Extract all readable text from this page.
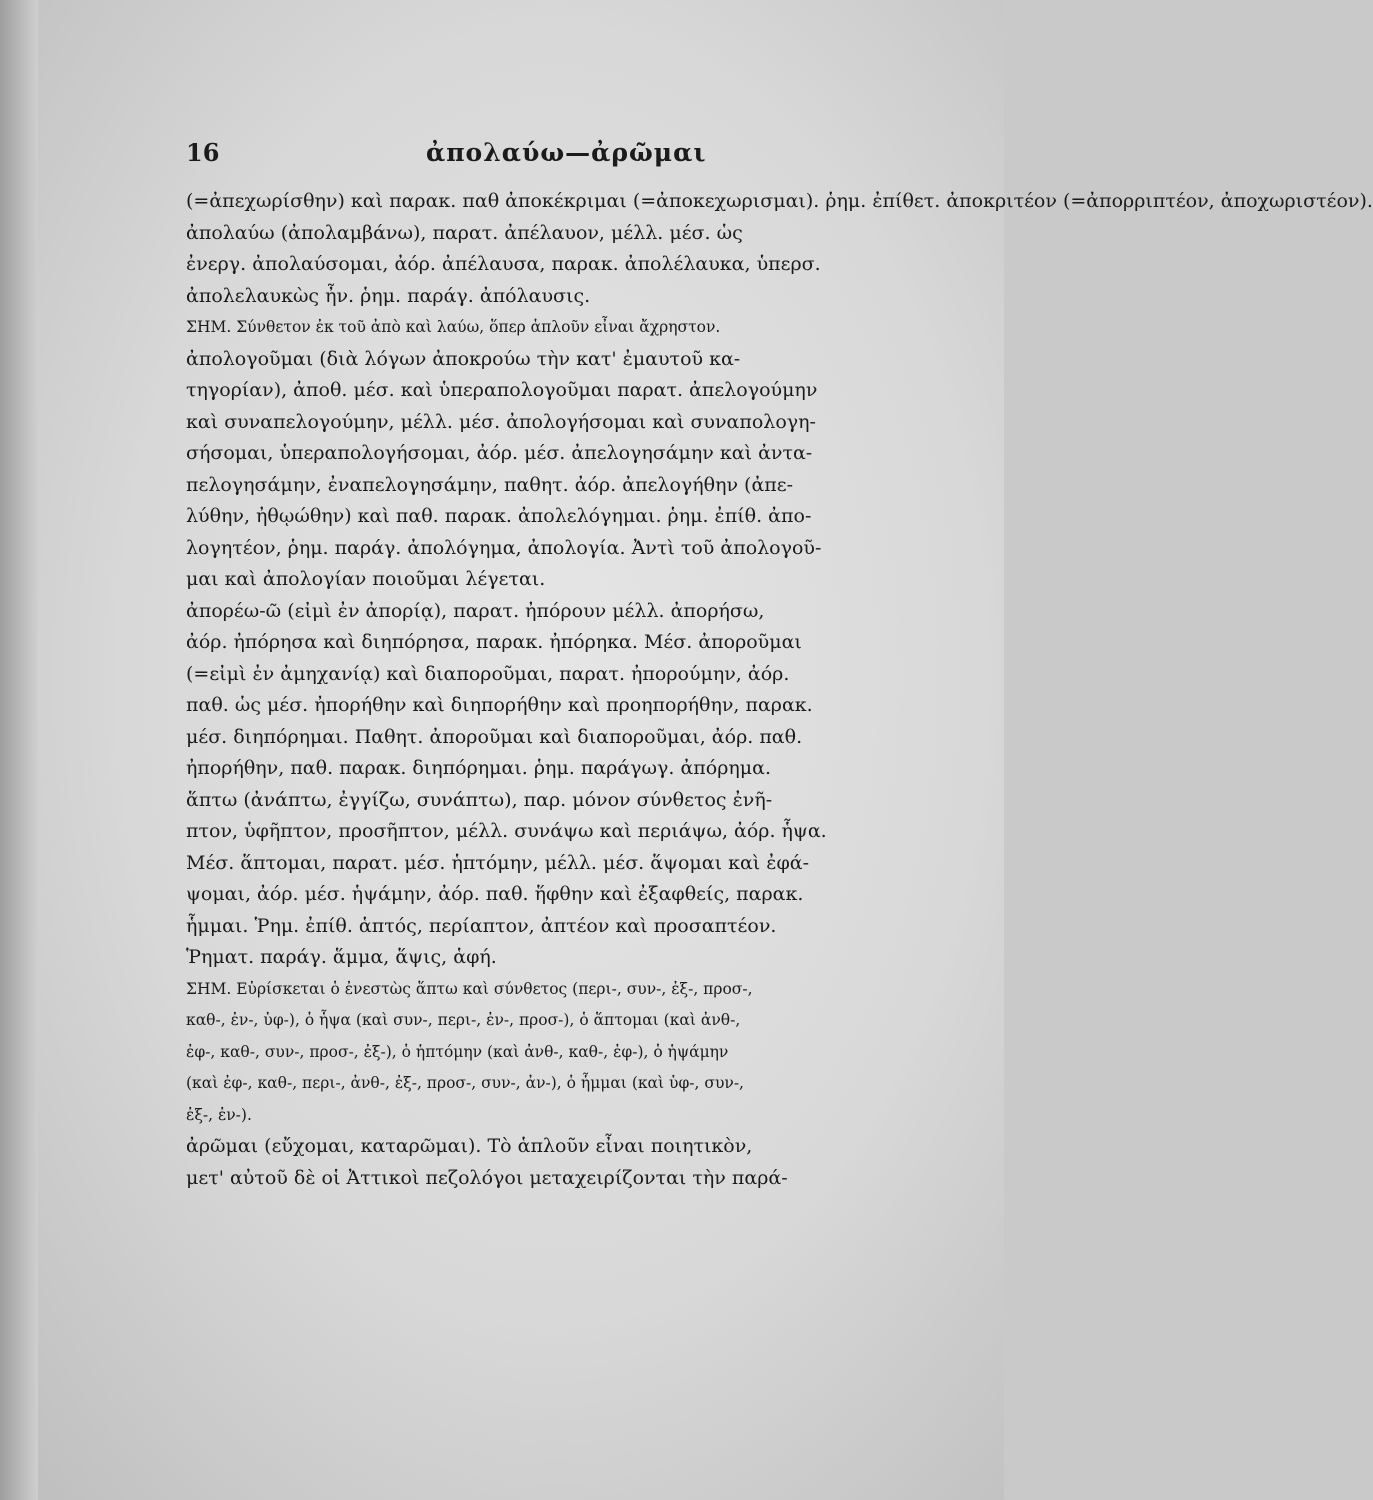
16	ἀπολαύω—ἀρῶμαι
(=ἀπεχωρίσθην) καὶ παρακ. παθ ἀποκέκριμαι (=ἀποκεχωρισμαι). ῥημ. ἐπίθετ. ἀποκριτέον (=ἀπορριπτέον, ἀποχωριστέον).
ἀπολαύω (ἀπολαμβάνω), παρατ. ἀπέλαυον, μέλλ. μέσ. ὡς
ἐνεργ. ἀπολαύσομαι, ἀόρ. ἀπέλαυσα, παρακ. ἀπολέλαυκα, ὑπερσ.
ἀπολελαυκὼς ἦν. ῥημ. παράγ. ἀπόλαυσις.
ΣΗΜ. Σύνθετον ἐκ τοῦ ἀπὸ καὶ λαύω, ὅπερ ἁπλοῦν εἶναι ἄχρηστον.
ἀπολογοῦμαι (διὰ λόγων ἀποκρούω τὴν κατ' ἐμαυτοῦ κα-
τηγορίαν), ἀποθ. μέσ. καὶ ὑπεραπολογοῦμαι παρατ. ἀπελογούμην
καὶ συναπελογούμην, μέλλ. μέσ. ἀπολογήσομαι καὶ συναπολογη-
σήσομαι, ὑπεραπολογήσομαι, ἀόρ. μέσ. ἀπελογησάμην καὶ ἀντα-
πελογησάμην, ἐναπελογησάμην, παθητ. ἀόρ. ἀπελογήθην (ἀπε-
λύθην, ἠθῳώθην) καὶ παθ. παρακ. ἀπολελόγημαι. ῥημ. ἐπίθ. ἀπο-
λογητέον, ῥημ. παράγ. ἀπολόγημα, ἀπολογία. Ἀντὶ τοῦ ἀπολογοῦ-
μαι καὶ ἀπολογίαν ποιοῦμαι λέγεται.
ἀπορέω-ῶ (εἰμὶ ἐν ἀπορίᾳ), παρατ. ἠπόρουν μέλλ. ἀπορήσω,
ἀόρ. ἠπόρησα καὶ διηπόρησα, παρακ. ἠπόρηκα. Μέσ. ἀποροῦμαι
(=εἰμὶ ἐν ἀμηχανίᾳ) καὶ διαποροῦμαι, παρατ. ἠπορούμην, ἀόρ.
παθ. ὡς μέσ. ἠπορήθην καὶ διηπορήθην καὶ προηπορήθην, παρακ.
μέσ. διηπόρημαι. Παθητ. ἀποροῦμαι καὶ διαποροῦμαι, ἀόρ. παθ.
ἠπορήθην, παθ. παρακ. διηπόρημαι. ῥημ. παράγωγ. ἀπόρημα.
ἅπτω (ἀνάπτω, ἐγγίζω, συνάπτω), παρ. μόνον σύνθετος ἐνῆ-
πτον, ὑφῆπτον, προσῆπτον, μέλλ. συνάψω καὶ περιάψω, ἀόρ. ἧψα.
Μέσ. ἅπτομαι, παρατ. μέσ. ἡπτόμην, μέλλ. μέσ. ἅψομαι καὶ ἐφά-
ψομαι, ἀόρ. μέσ. ἡψάμην, ἀόρ. παθ. ἥφθην καὶ ἐξαφθείς, παρακ.
ἧμμαι. Ῥημ. ἐπίθ. ἁπτός, περίαπτον, ἀπτέον καὶ προσαπτέον.
Ῥηματ. παράγ. ἅμμα, ἅψις, ἁφή.
ΣΗΜ. Εὑρίσκεται ὁ ἐνεστὼς ἅπτω καὶ σύνθετος (περι-, συν-, ἐξ-, προσ-,
καθ-, ἐν-, ὑφ-), ὁ ἧψα (καὶ συν-, περι-, ἐν-, προσ-), ὁ ἅπτομαι (καὶ ἀνθ-,
ἐφ-, καθ-, συν-, προσ-, ἐξ-), ὁ ἡπτόμην (καὶ ἀνθ-, καθ-, ἐφ-), ὁ ἡψάμην
(καὶ ἐφ-, καθ-, περι-, ἀνθ-, ἐξ-, προσ-, συν-, ἀν-), ὁ ἧμμαι (καὶ ὑφ-, συν-,
ἐξ-, ἐν-).
ἀρῶμαι (εὔχομαι, καταρῶμαι). Τὸ ἁπλοῦν εἶναι ποιητικὸν,
μετ' αὐτοῦ δὲ οἱ Ἀττικοὶ πεζολόγοι μεταχειρίζονται τὴν παρά-
